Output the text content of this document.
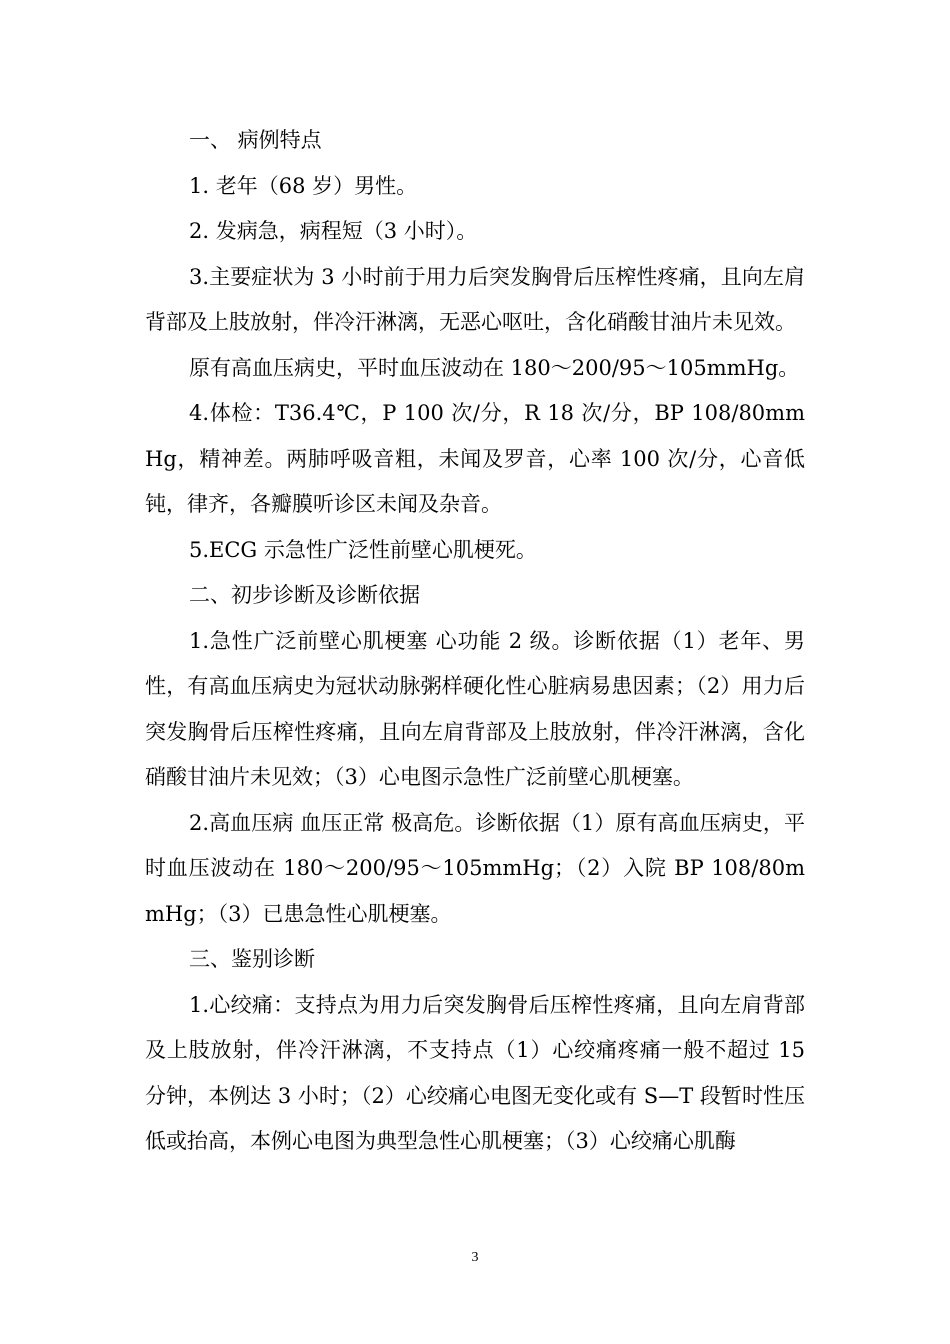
一、 病例特点

1. 老年（68 岁）男性。

2. 发病急，病程短（3 小时）。

3.主要症状为 3 小时前于用力后突发胸骨后压榨性疼痛，且向左肩背部及上肢放射，伴冷汗淋漓，无恶心呕吐，含化硝酸甘油片未见效。

原有高血压病史，平时血压波动在 180～200/95～105mmHg。

4.体检：T36.4℃，P 100 次/分，R 18 次/分，BP 108/80mmHg，精神差。两肺呼吸音粗，未闻及罗音，心率 100 次/分，心音低钝，律齐，各瓣膜听诊区未闻及杂音。

5.ECG 示急性广泛性前壁心肌梗死。

二、初步诊断及诊断依据

1.急性广泛前壁心肌梗塞 心功能 2 级。诊断依据（1）老年、男性，有高血压病史为冠状动脉粥样硬化性心脏病易患因素；（2）用力后突发胸骨后压榨性疼痛，且向左肩背部及上肢放射，伴冷汗淋漓，含化硝酸甘油片未见效；（3）心电图示急性广泛前壁心肌梗塞。

2.高血压病 血压正常 极高危。诊断依据（1）原有高血压病史，平时血压波动在 180～200/95～105mmHg；（2）入院 BP 108/80mmHg；（3）已患急性心肌梗塞。

三、鉴别诊断

1.心绞痛：支持点为用力后突发胸骨后压榨性疼痛，且向左肩背部及上肢放射，伴冷汗淋漓，不支持点（1）心绞痛疼痛一般不超过 15 分钟，本例达 3 小时；（2）心绞痛心电图无变化或有 S—T 段暂时性压低或抬高，本例心电图为典型急性心肌梗塞；（3）心绞痛心肌酶

3
